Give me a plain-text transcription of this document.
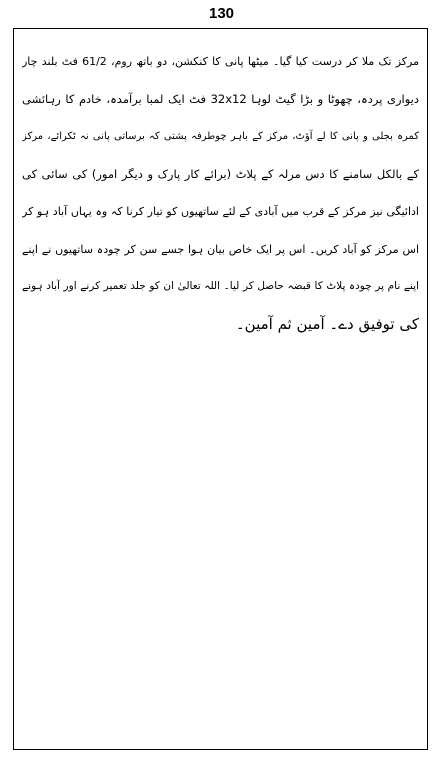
130
مرکز تک ملا کر درست کیا گیا۔ میٹھا پانی کا کنکشن، دو باتھ روم، 61/2 فٹ بلند چار
دیواری پردہ، چھوٹا و بڑا گیٹ لوہا 32x12 فٹ ایک لمبا برآمدہ، خادم کا رہائشی
کمرہ بجلی و پانی کا لے آؤٹ، مرکز کے باہر چوطرفہ پشتی کہ برساتی پانی نہ ٹکرائے، مرکز
کے بالکل سامنے کا دس مرلہ کے پلاٹ (برائے کار پارک و دیگر امور) کی سائی کی
ادائیگی نیز مرکز کے قرب میں آبادی کے لئے ساتھیوں کو تیار کرنا کہ وہ یہاں آباد ہو کر
اس مرکز کو آباد کریں۔ اس پر ایک خاص بیان ہوا جسے سن کر چودہ ساتھیوں نے اپنے
اپنے نام پر چودہ پلاٹ کا قبضہ حاصل کر لیا۔ اللہ تعالیٰ ان کو جلد تعمیر کرنے اور آباد ہونے
کی توفیق دے۔ آمین ثم آمین۔
